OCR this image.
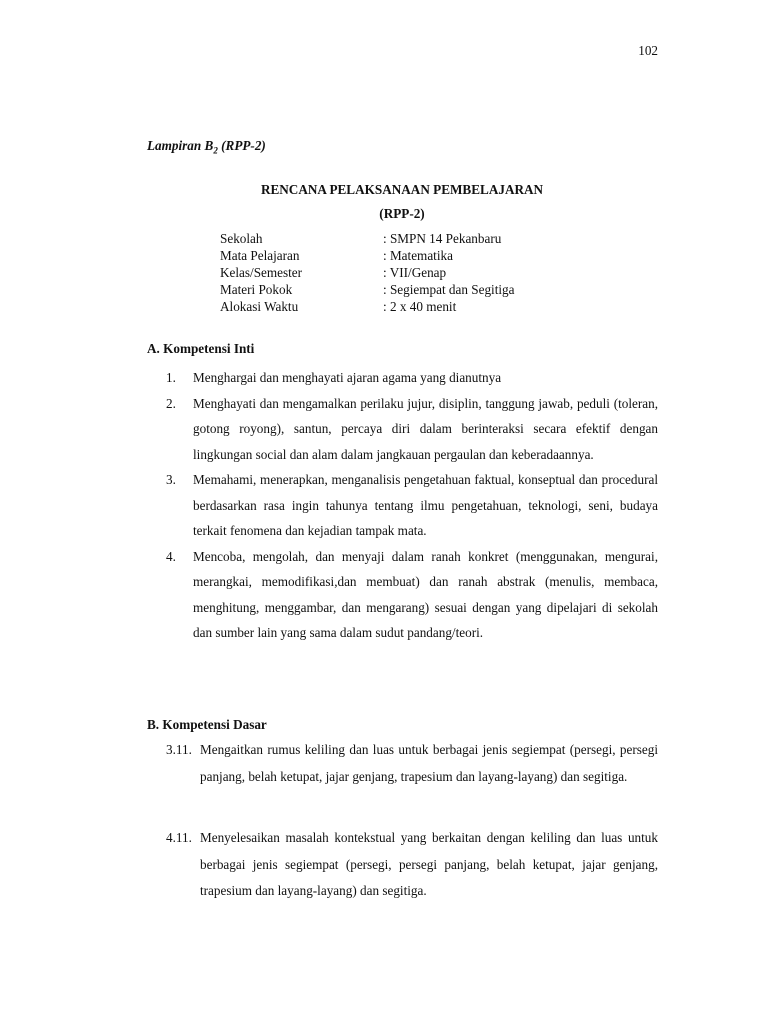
102
Lampiran $B_2$ (RPP-2)
RENCANA PELAKSANAAN PEMBELAJARAN
(RPP-2)
Sekolah	: SMPN 14 Pekanbaru
Mata Pelajaran	: Matematika
Kelas/Semester	: VII/Genap
Materi Pokok	: Segiempat dan Segitiga
Alokasi Waktu	: 2 x 40 menit
A. Kompetensi Inti
1.	Menghargai dan menghayati ajaran agama yang dianutnya
2.	Menghayati dan mengamalkan perilaku jujur, disiplin, tanggung jawab, peduli (toleran, gotong royong), santun, percaya diri dalam berinteraksi secara efektif dengan lingkungan social dan alam dalam jangkauan pergaulan dan keberadaannya.
3.	Memahami, menerapkan, menganalisis pengetahuan faktual, konseptual dan procedural berdasarkan rasa ingin tahunya tentang ilmu pengetahuan, teknologi, seni, budaya terkait fenomena dan kejadian tampak mata.
4.	Mencoba, mengolah, dan menyaji dalam ranah konkret (menggunakan, mengurai, merangkai, memodifikasi,dan membuat) dan ranah abstrak (menulis, membaca, menghitung, menggambar, dan mengarang) sesuai dengan yang dipelajari di sekolah dan sumber lain yang sama dalam sudut pandang/teori.
B. Kompetensi Dasar
3.11. Mengaitkan rumus keliling dan luas untuk berbagai jenis segiempat (persegi, persegi panjang, belah ketupat, jajar genjang, trapesium dan layang-layang) dan segitiga.
4.11. Menyelesaikan masalah kontekstual yang berkaitan dengan keliling dan luas untuk berbagai jenis segiempat (persegi, persegi panjang, belah ketupat, jajar genjang, trapesium dan layang-layang) dan segitiga.
